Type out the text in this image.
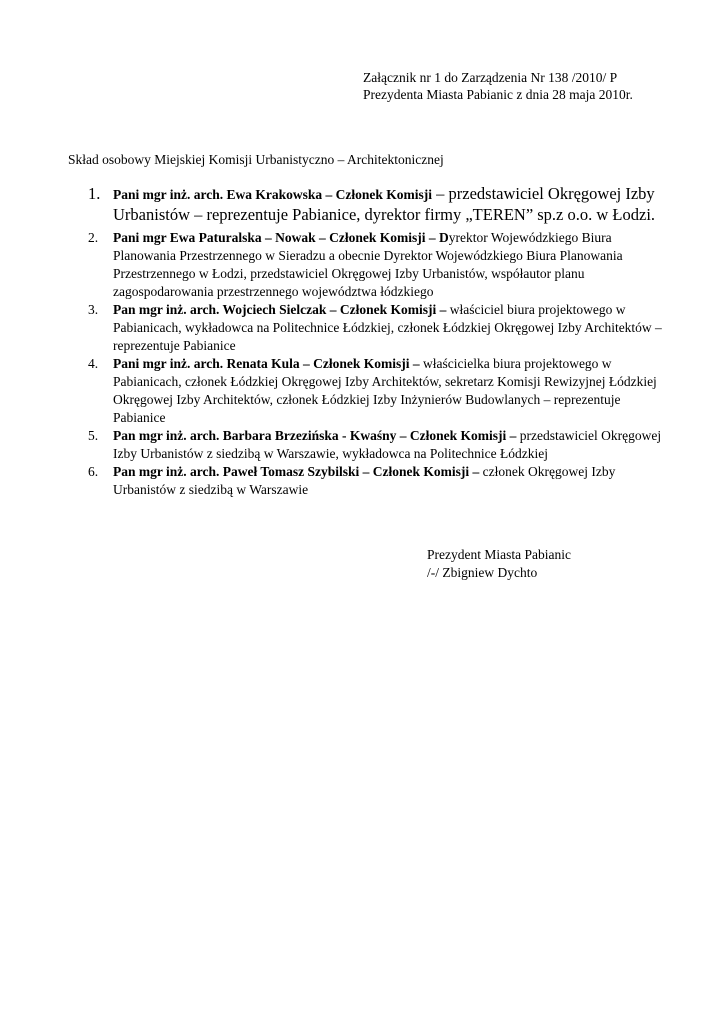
Załącznik nr 1 do Zarządzenia Nr 138 /2010/ P
Prezydenta Miasta Pabianic z dnia 28 maja 2010r.
Skład osobowy Miejskiej Komisji Urbanistyczno – Architektonicznej
1. Pani mgr inż. arch. Ewa Krakowska – Członek Komisji – przedstawiciel Okręgowej Izby Urbanistów – reprezentuje Pabianice, dyrektor firmy „TEREN” sp.z o.o. w Łodzi.
2. Pani mgr Ewa Paturalska – Nowak – Członek Komisji – Dyrektor Wojewódzkiego Biura Planowania Przestrzennego w Sieradzu a obecnie Dyrektor Wojewódzkiego Biura Planowania Przestrzennego w Łodzi, przedstawiciel Okręgowej Izby Urbanistów, współautor planu zagospodarowania przestrzennego województwa łódzkiego
3. Pan mgr inż. arch. Wojciech Sielczak – Członek Komisji – właściciel biura projektowego w Pabianicach, wykładowca na Politechnice Łódzkiej, członek Łódzkiej Okręgowej Izby Architektów – reprezentuje Pabianice
4. Pani mgr inż. arch. Renata Kula – Członek Komisji – właścicielka biura projektowego w Pabianicach, członek Łódzkiej Okręgowej Izby Architektów, sekretarz Komisji Rewizyjnej Łódzkiej Okręgowej Izby Architektów, członek Łódzkiej Izby Inżynierów Budowlanych – reprezentuje Pabianice
5. Pan mgr inż. arch. Barbara Brzezińska - Kwaśny – Członek Komisji – przedstawiciel Okręgowej Izby Urbanistów z siedzibą w Warszawie, wykładowca na Politechnice Łódzkiej
6. Pan mgr inż. arch. Paweł Tomasz Szybilski – Członek Komisji – członek Okręgowej Izby Urbanistów z siedzibą w Warszawie
Prezydent Miasta Pabianic
/-/ Zbigniew Dychto
